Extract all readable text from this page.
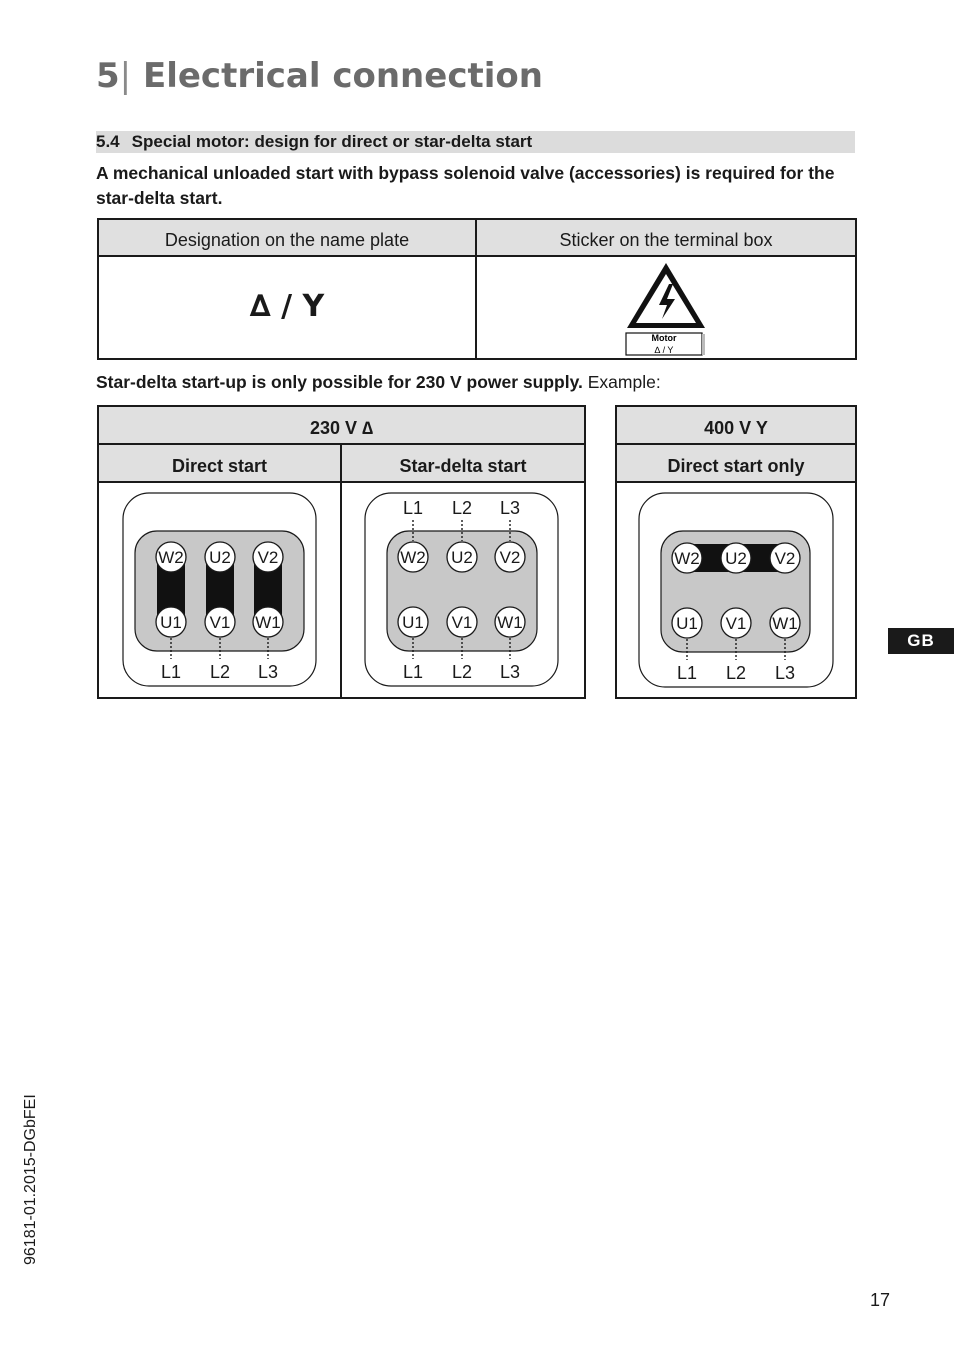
5| Electrical connection
5.4 Special motor: design for direct or star-delta start
A mechanical unloaded start with bypass solenoid valve (accessories) is required for the star-delta start.
Designation on the name plate	Sticker on the terminal box
∆ / Y
Motor
∆ / Y
Star-delta start-up is only possible for 230 V power supply. Example:
230 V ∆
Direct start	Star-delta start
W2 U2 V2
U1 V1 W1
L1 L2 L3
W2 U2 V2
U1 V1 W1
L1 L2 L3
L1 L2 L3
400 V Y
Direct start only
W2 U2 V2
U1 V1 W1
L1 L2 L3
GB
96181-01.2015-DGbFEI
17
